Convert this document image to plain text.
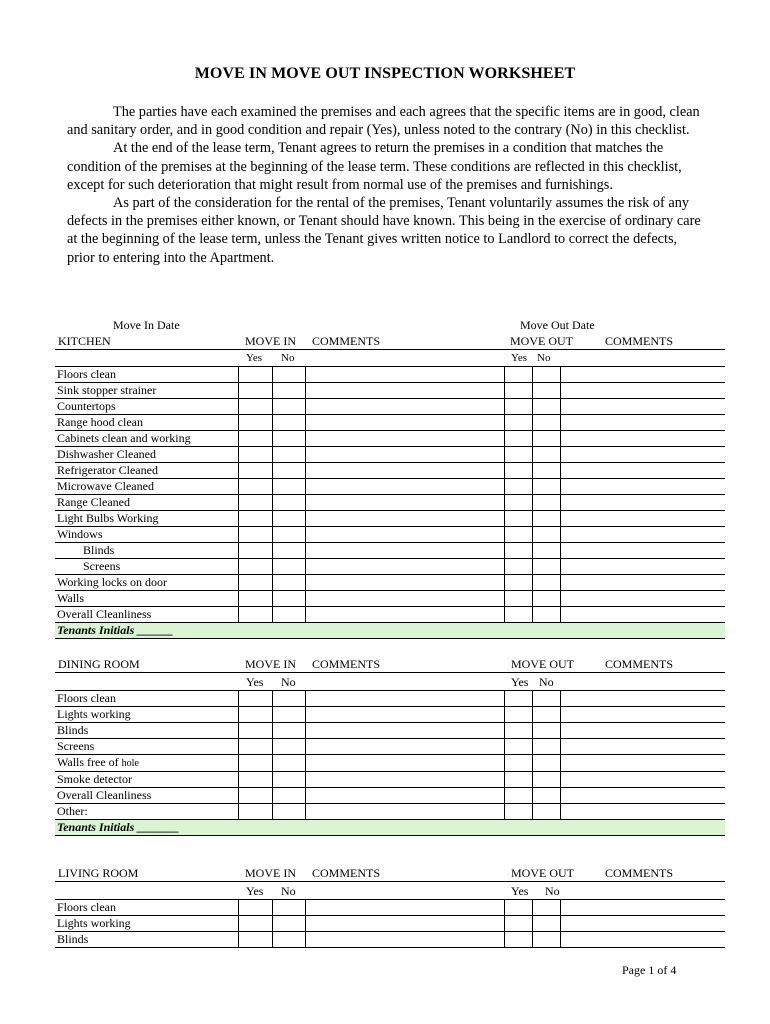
MOVE IN MOVE OUT INSPECTION WORKSHEET

The parties have each examined the premises and each agrees that the specific items are in good, clean and sanitary order, and in good condition and repair (Yes), unless noted to the contrary (No) in this checklist.

At the end of the lease term, Tenant agrees to return the premises in a condition that matches the condition of the premises at the beginning of the lease term. These conditions are reflected in this checklist, except for such deterioration that might result from normal use of the premises and furnishings.

As part of the consideration for the rental of the premises, Tenant voluntarily assumes the risk of any defects in the premises either known, or Tenant should have known. This being in the exercise of ordinary care at the beginning of the lease term, unless the Tenant gives written notice to Landlord to correct the defects, prior to entering into the Apartment.

Move In Date	Move Out Date
KITCHEN	MOVE IN COMMENTS	MOVE OUT	COMMENTS
Yes No	Yes No
Floors clean						
Sink stopper strainer						
Countertops						
Range hood clean						
Cabinets clean and working						
Dishwasher Cleaned						
Refrigerator Cleaned						
Microwave Cleaned						
Range Cleaned						
Light Bulbs Working						
Windows						
Blinds						
Screens						
Working locks on door						
Walls						
Overall Cleanliness						
Tenants Initials ______						
DINING ROOM	MOVE IN COMMENTS	MOVE OUT	COMMENTS
Yes No	Yes No
Floors clean						
Lights working						
Blinds						
Screens						
Walls free of hole						
Smoke detector						
Overall Cleanliness						
Other:						
Tenants Initials _______						
LIVING ROOM	MOVE IN COMMENTS	MOVE OUT	COMMENTS
Yes No	Yes No
Floors clean						
Lights working						
Blinds						
Page 1 of 4
